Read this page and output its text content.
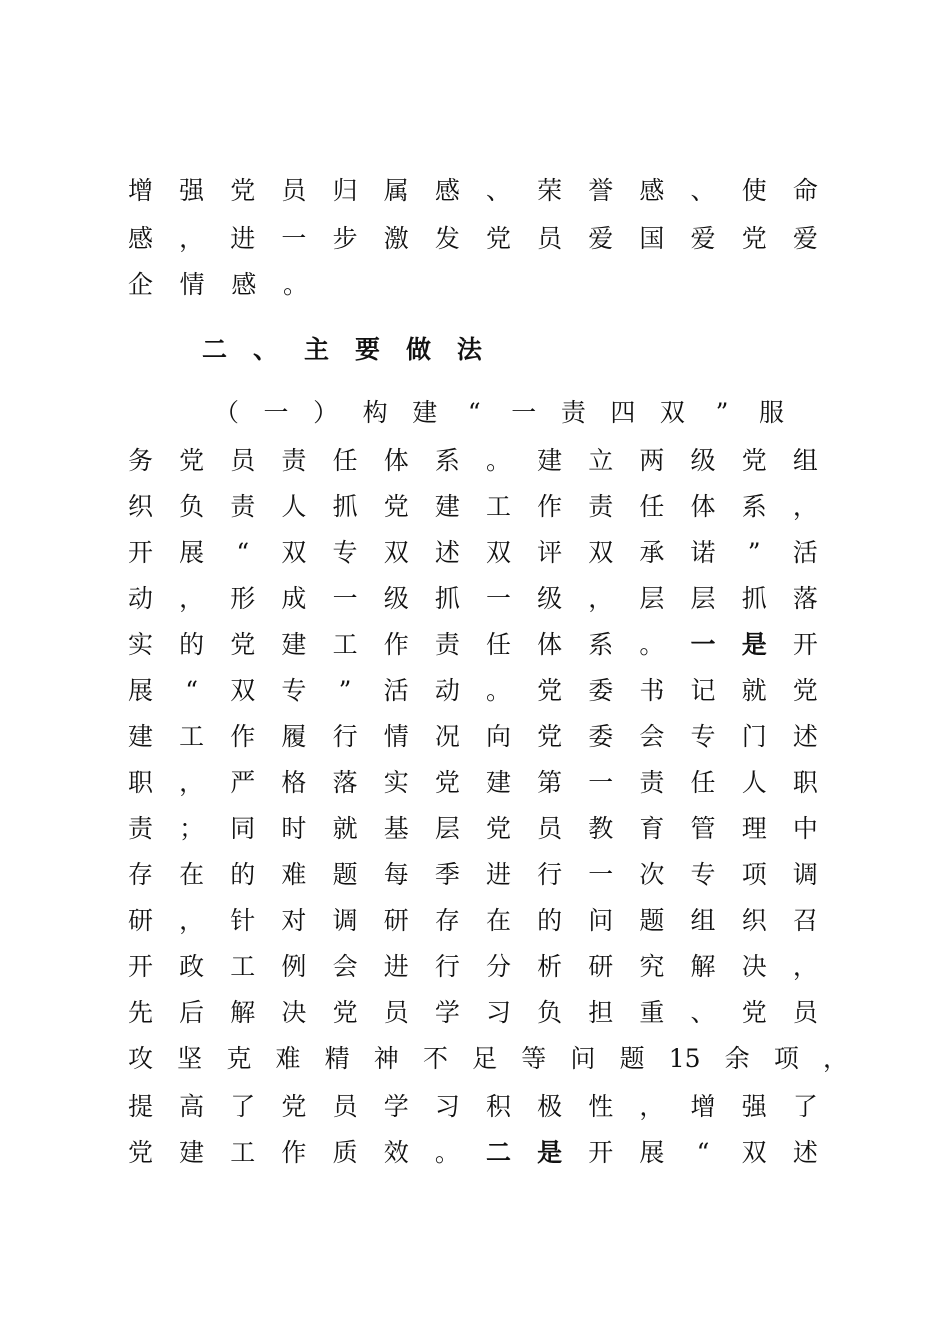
增 强 党 员 归 属 感 、 荣 誉 感 、 使 命
感 ， 进 一 步 激 发 党 员 爱 国 爱 党 爱
企 情 感 。
二 、 主 要 做 法
（ 一 ） 构 建 “ 一 责 四 双 ” 服
务 党 员 责 任 体 系 。 建 立 两 级 党 组
织 负 责 人 抓 党 建 工 作 责 任 体 系 ，
开 展 “ 双 专 双 述 双 评 双 承 诺 ” 活
动 ， 形 成 一 级 抓 一 级 ， 层 层 抓 落
实 的 党 建 工 作 责 任 体 系 。 一 是 开
展 “ 双 专 ” 活 动 。 党 委 书 记 就 党
建 工 作 履 行 情 况 向 党 委 会 专 门 述
职 ， 严 格 落 实 党 建 第 一 责 任 人 职
责 ； 同 时 就 基 层 党 员 教 育 管 理 中
存 在 的 难 题 每 季 进 行 一 次 专 项 调
研 ， 针 对 调 研 存 在 的 问 题 组 织 召
开 政 工 例 会 进 行 分 析 研 究 解 决 ，
先 后 解 决 党 员 学 习 负 担 重 、 党 员
攻 坚 克 难 精 神 不 足 等 问 题 15 余 项 ，
提 高 了 党 员 学 习 积 极 性 ， 增 强 了
党 建 工 作 质 效 。 二 是 开 展 “ 双 述
